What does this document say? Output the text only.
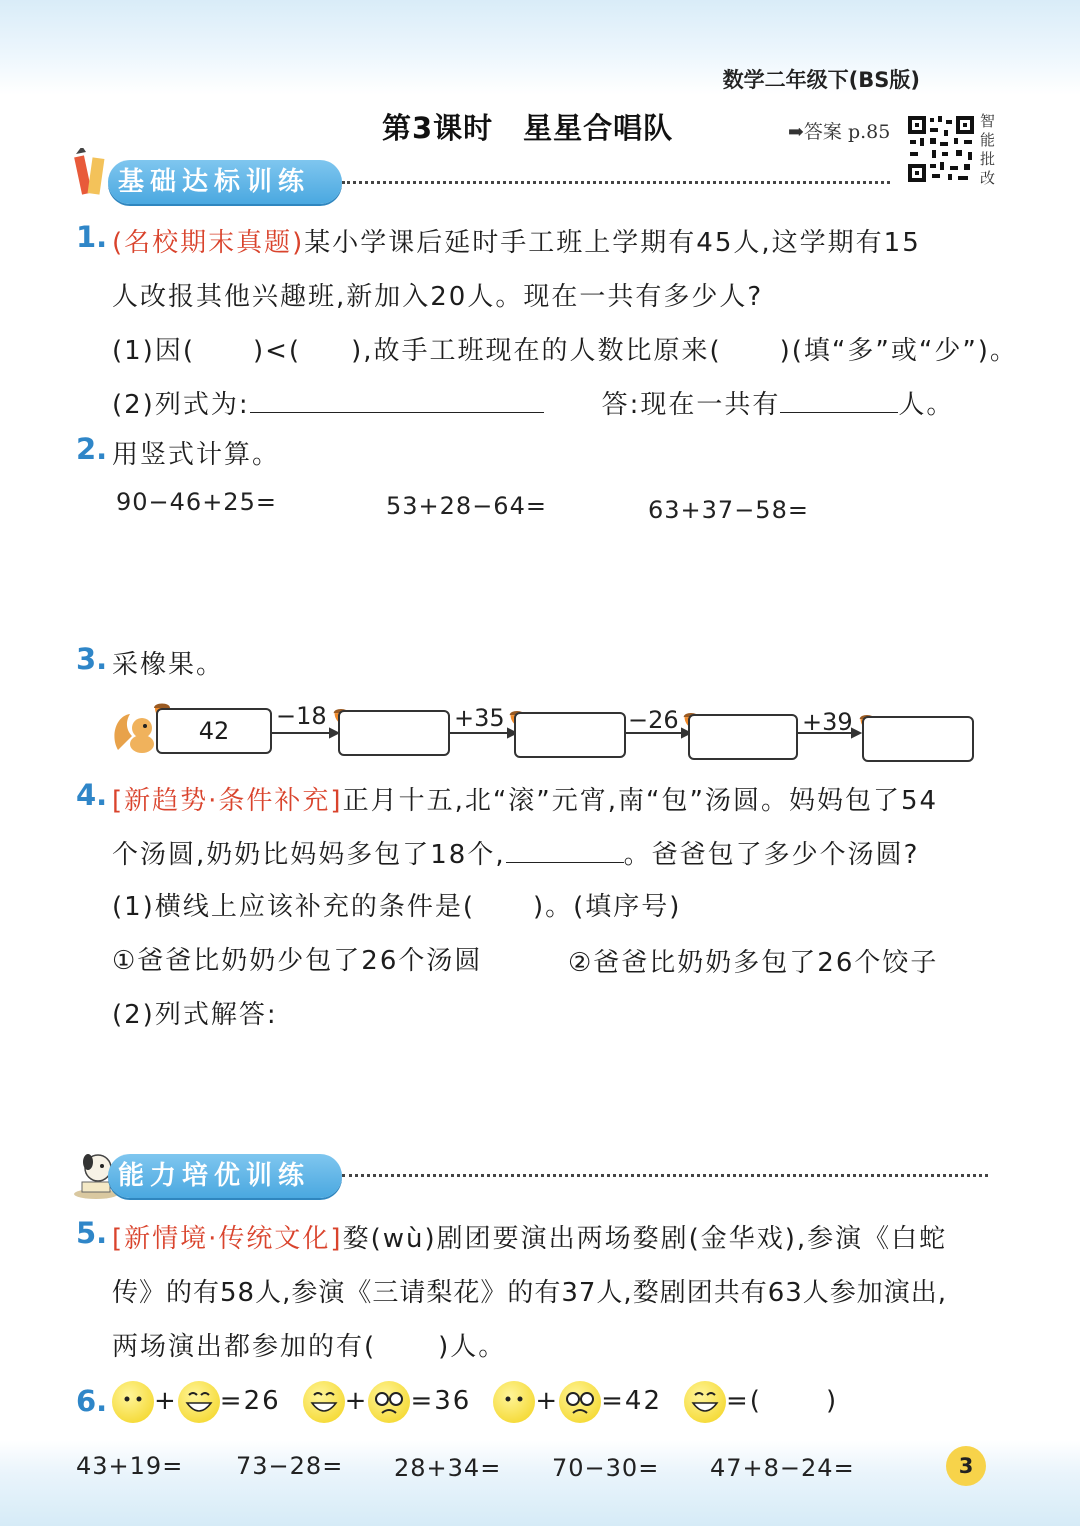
数学二年级下(BS版)
第3课时　星星合唱队	➡答案 p.85	智能批改
基础达标训练
1. (名校期末真题)某小学课后延时手工班上学期有45人,这学期有15
人改报其他兴趣班,新加入20人。现在一共有多少人?
(1)因( )<( ),故手工班现在的人数比原来( )(填“多”或“少”)。
(2)列式为:	答:现在一共有	人。
2. 用竖式计算。
90−46+25=	53+28−64=	63+37−58=
3. 采橡果。
42
−18	+35	−26	+39
4. [新趋势·条件补充]正月十五,北“滚”元宵,南“包”汤圆。妈妈包了54
个汤圆,奶奶比妈妈多包了18个,	。爸爸包了多少个汤圆?
(1)横线上应该补充的条件是( )。(填序号)
①爸爸比奶奶少包了26个汤圆	②爸爸比奶奶多包了26个饺子
(2)列式解答:
能力培优训练
5. [新情境·传统文化]婺(wù)剧团要演出两场婺剧(金华戏),参演《白蛇
传》的有58人,参演《三请梨花》的有37人,婺剧团共有63人参加演出,
两场演出都参加的有( )人。
6.	+ =26 + =36 + =42 =( )
43+19= 73−28= 28+34= 70−30= 47+8−24=	3
